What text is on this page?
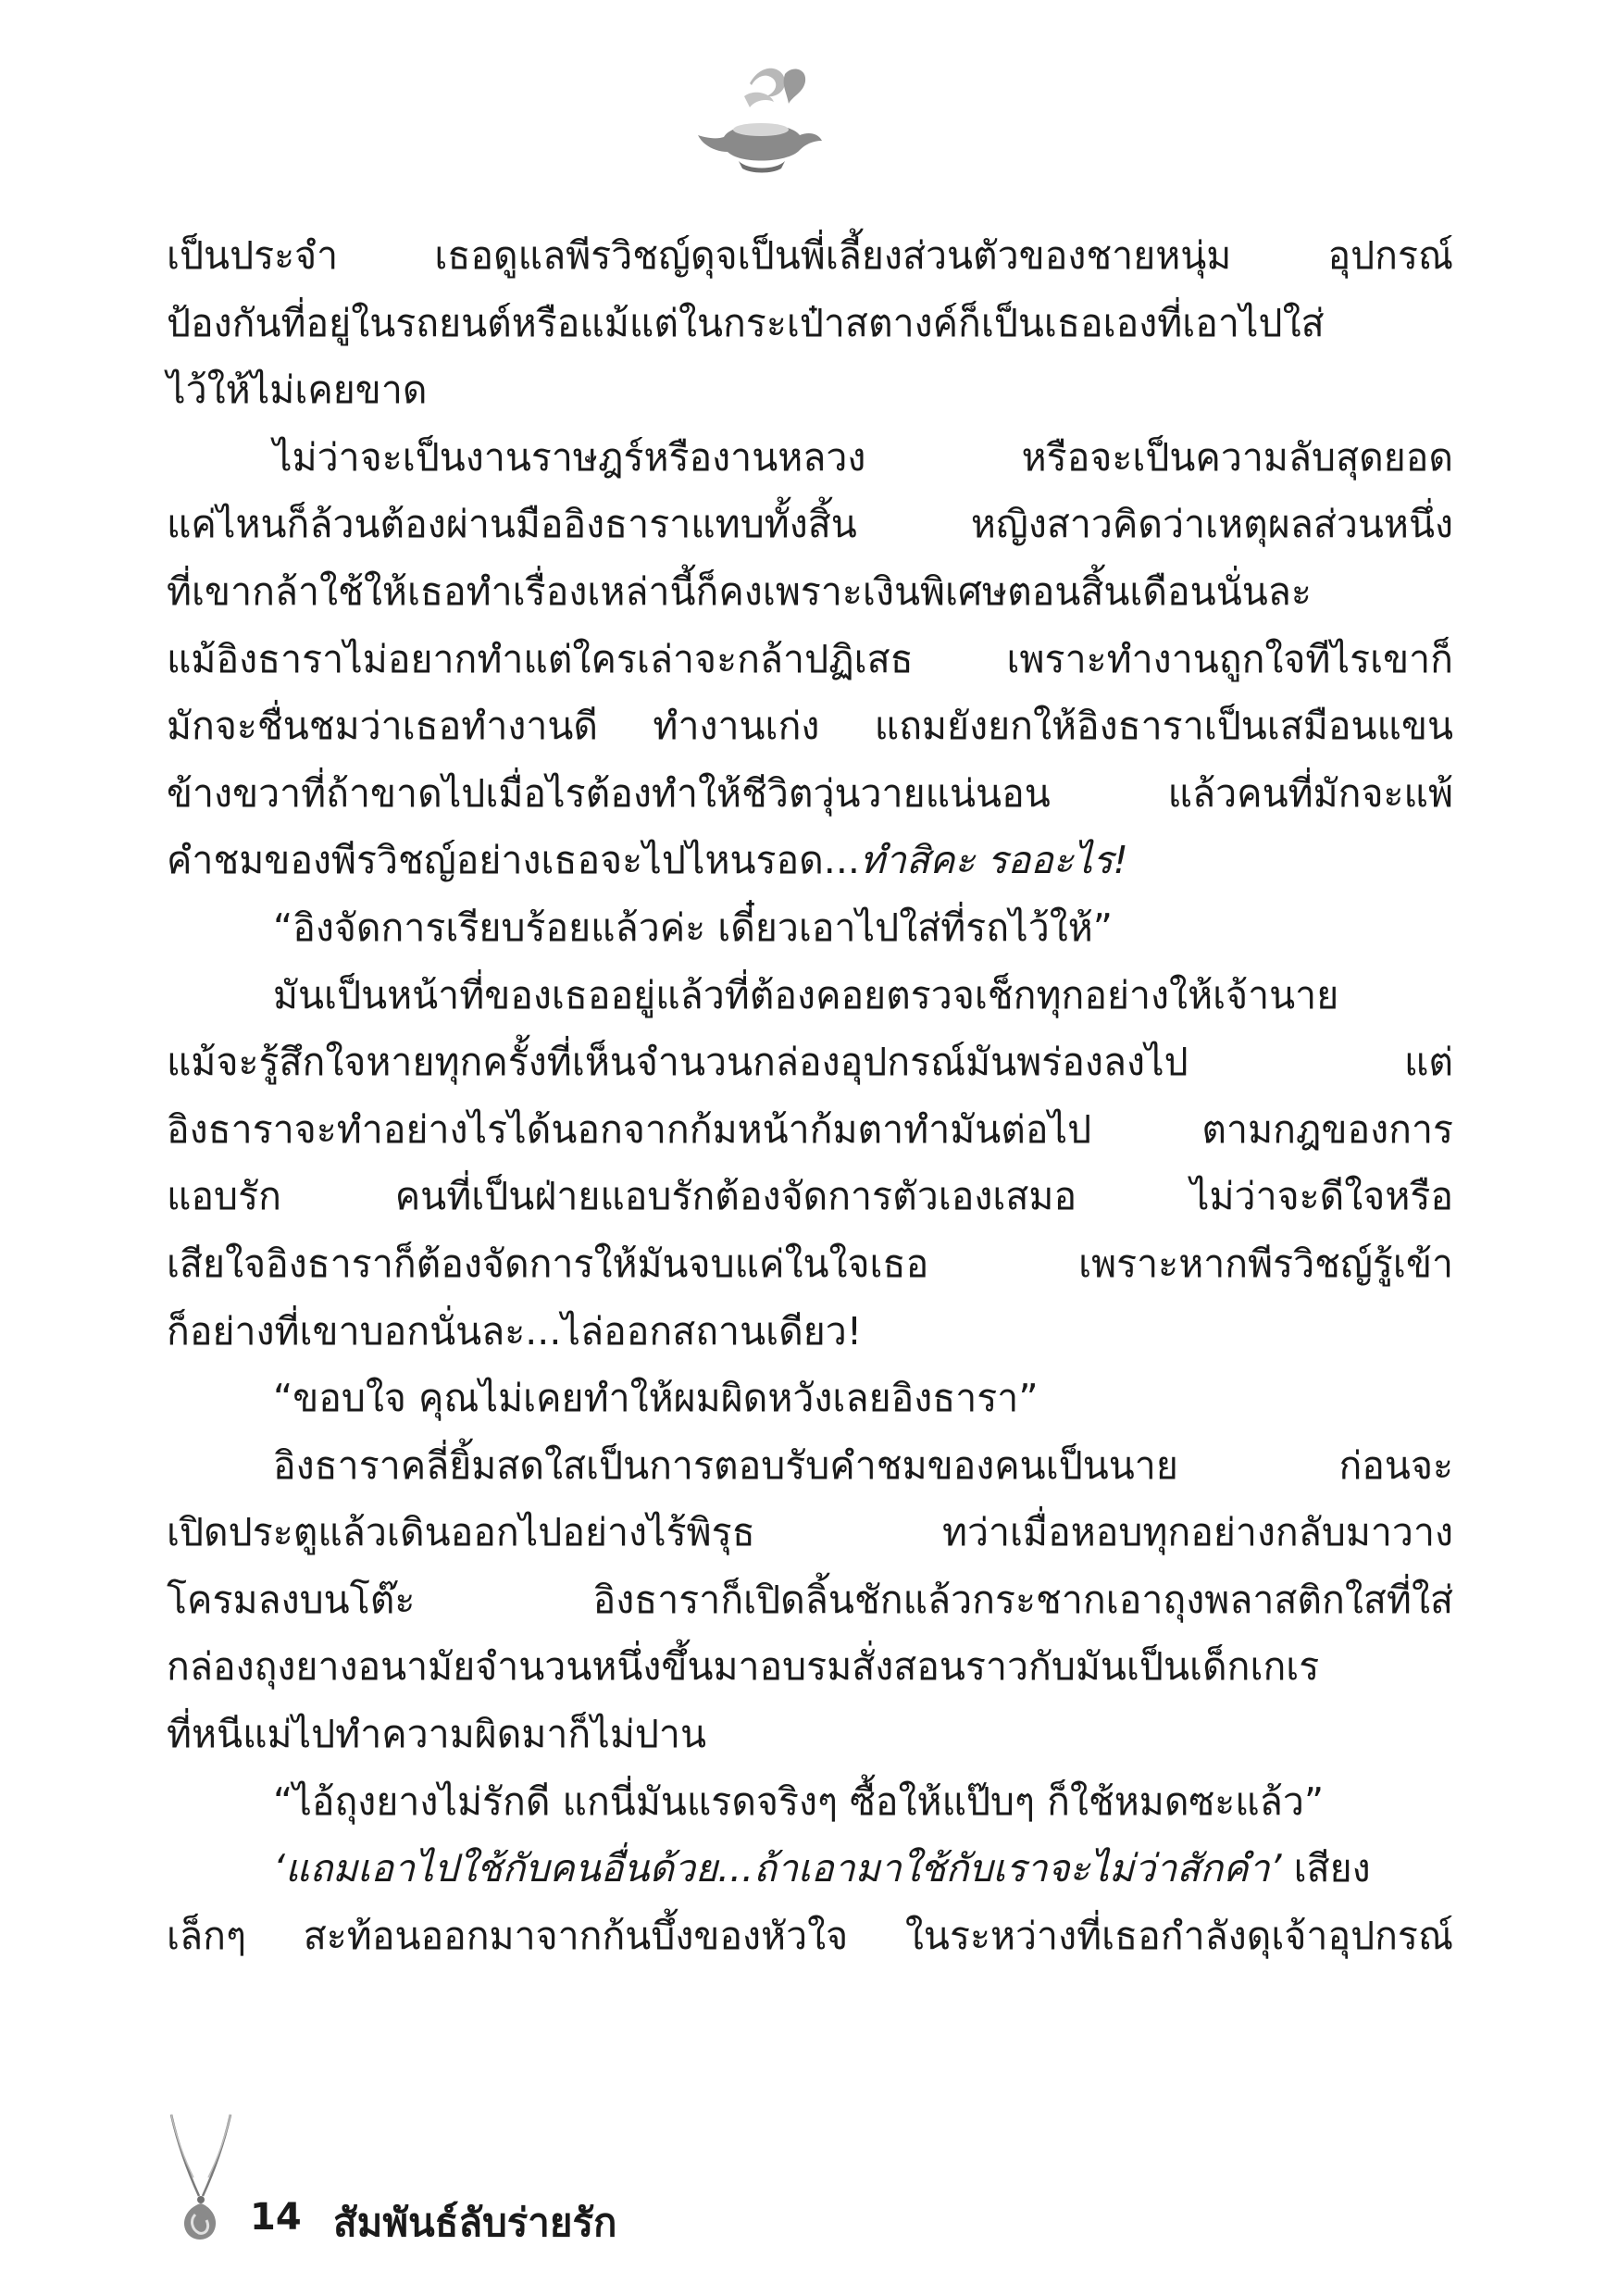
เป็นประจำ เธอดูแลพีรวิชญ์ดุจเป็นพี่เลี้ยงส่วนตัวของชายหนุ่ม อุปกรณ์
ป้องกันที่อยู่ในรถยนต์หรือแม้แต่ในกระเป๋าสตางค์ก็เป็นเธอเองที่เอาไปใส่
ไว้ให้ไม่เคยขาด
ไม่ว่าจะเป็นงานราษฎร์หรืองานหลวง หรือจะเป็นความลับสุดยอด
แค่ไหนก็ล้วนต้องผ่านมืออิงธาราแทบทั้งสิ้น หญิงสาวคิดว่าเหตุผลส่วนหนึ่ง
ที่เขากล้าใช้ให้เธอทำเรื่องเหล่านี้ก็คงเพราะเงินพิเศษตอนสิ้นเดือนนั่นละ
แม้อิงธาราไม่อยากทำแต่ใครเล่าจะกล้าปฏิเสธ เพราะทำงานถูกใจทีไรเขาก็
มักจะชื่นชมว่าเธอทำงานดี ทำงานเก่ง แถมยังยกให้อิงธาราเป็นเสมือนแขน
ข้างขวาที่ถ้าขาดไปเมื่อไรต้องทำให้ชีวิตวุ่นวายแน่นอน แล้วคนที่มักจะแพ้
คำชมของพีรวิชญ์อย่างเธอจะไปไหนรอด...ทำสิคะ รออะไร!
“อิงจัดการเรียบร้อยแล้วค่ะ เดี๋ยวเอาไปใส่ที่รถไว้ให้”
มันเป็นหน้าที่ของเธออยู่แล้วที่ต้องคอยตรวจเช็กทุกอย่างให้เจ้านาย
แม้จะรู้สึกใจหายทุกครั้งที่เห็นจำนวนกล่องอุปกรณ์มันพร่องลงไป แต่
อิงธาราจะทำอย่างไรได้นอกจากก้มหน้าก้มตาทำมันต่อไป ตามกฎของการ
แอบรัก คนที่เป็นฝ่ายแอบรักต้องจัดการตัวเองเสมอ ไม่ว่าจะดีใจหรือ
เสียใจอิงธาราก็ต้องจัดการให้มันจบแค่ในใจเธอ เพราะหากพีรวิชญ์รู้เข้า
ก็อย่างที่เขาบอกนั่นละ...ไล่ออกสถานเดียว!
“ขอบใจ คุณไม่เคยทำให้ผมผิดหวังเลยอิงธารา”
อิงธาราคลี่ยิ้มสดใสเป็นการตอบรับคำชมของคนเป็นนาย ก่อนจะ
เปิดประตูแล้วเดินออกไปอย่างไร้พิรุธ ทว่าเมื่อหอบทุกอย่างกลับมาวาง
โครมลงบนโต๊ะ อิงธาราก็เปิดลิ้นชักแล้วกระชากเอาถุงพลาสติกใสที่ใส่
กล่องถุงยางอนามัยจำนวนหนึ่งขึ้นมาอบรมสั่งสอนราวกับมันเป็นเด็กเกเร
ที่หนีแม่ไปทำความผิดมาก็ไม่ปาน
“ไอ้ถุงยางไม่รักดี แกนี่มันแรดจริงๆ ซื้อให้แป๊บๆ ก็ใช้หมดซะแล้ว”
‘แถมเอาไปใช้กับคนอื่นด้วย...ถ้าเอามาใช้กับเราจะไม่ว่าสักคำ’ เสียง
เล็กๆ สะท้อนออกมาจากก้นบึ้งของหัวใจ ในระหว่างที่เธอกำลังดุเจ้าอุปกรณ์
14 สัมพันธ์ลับร่ายรัก
